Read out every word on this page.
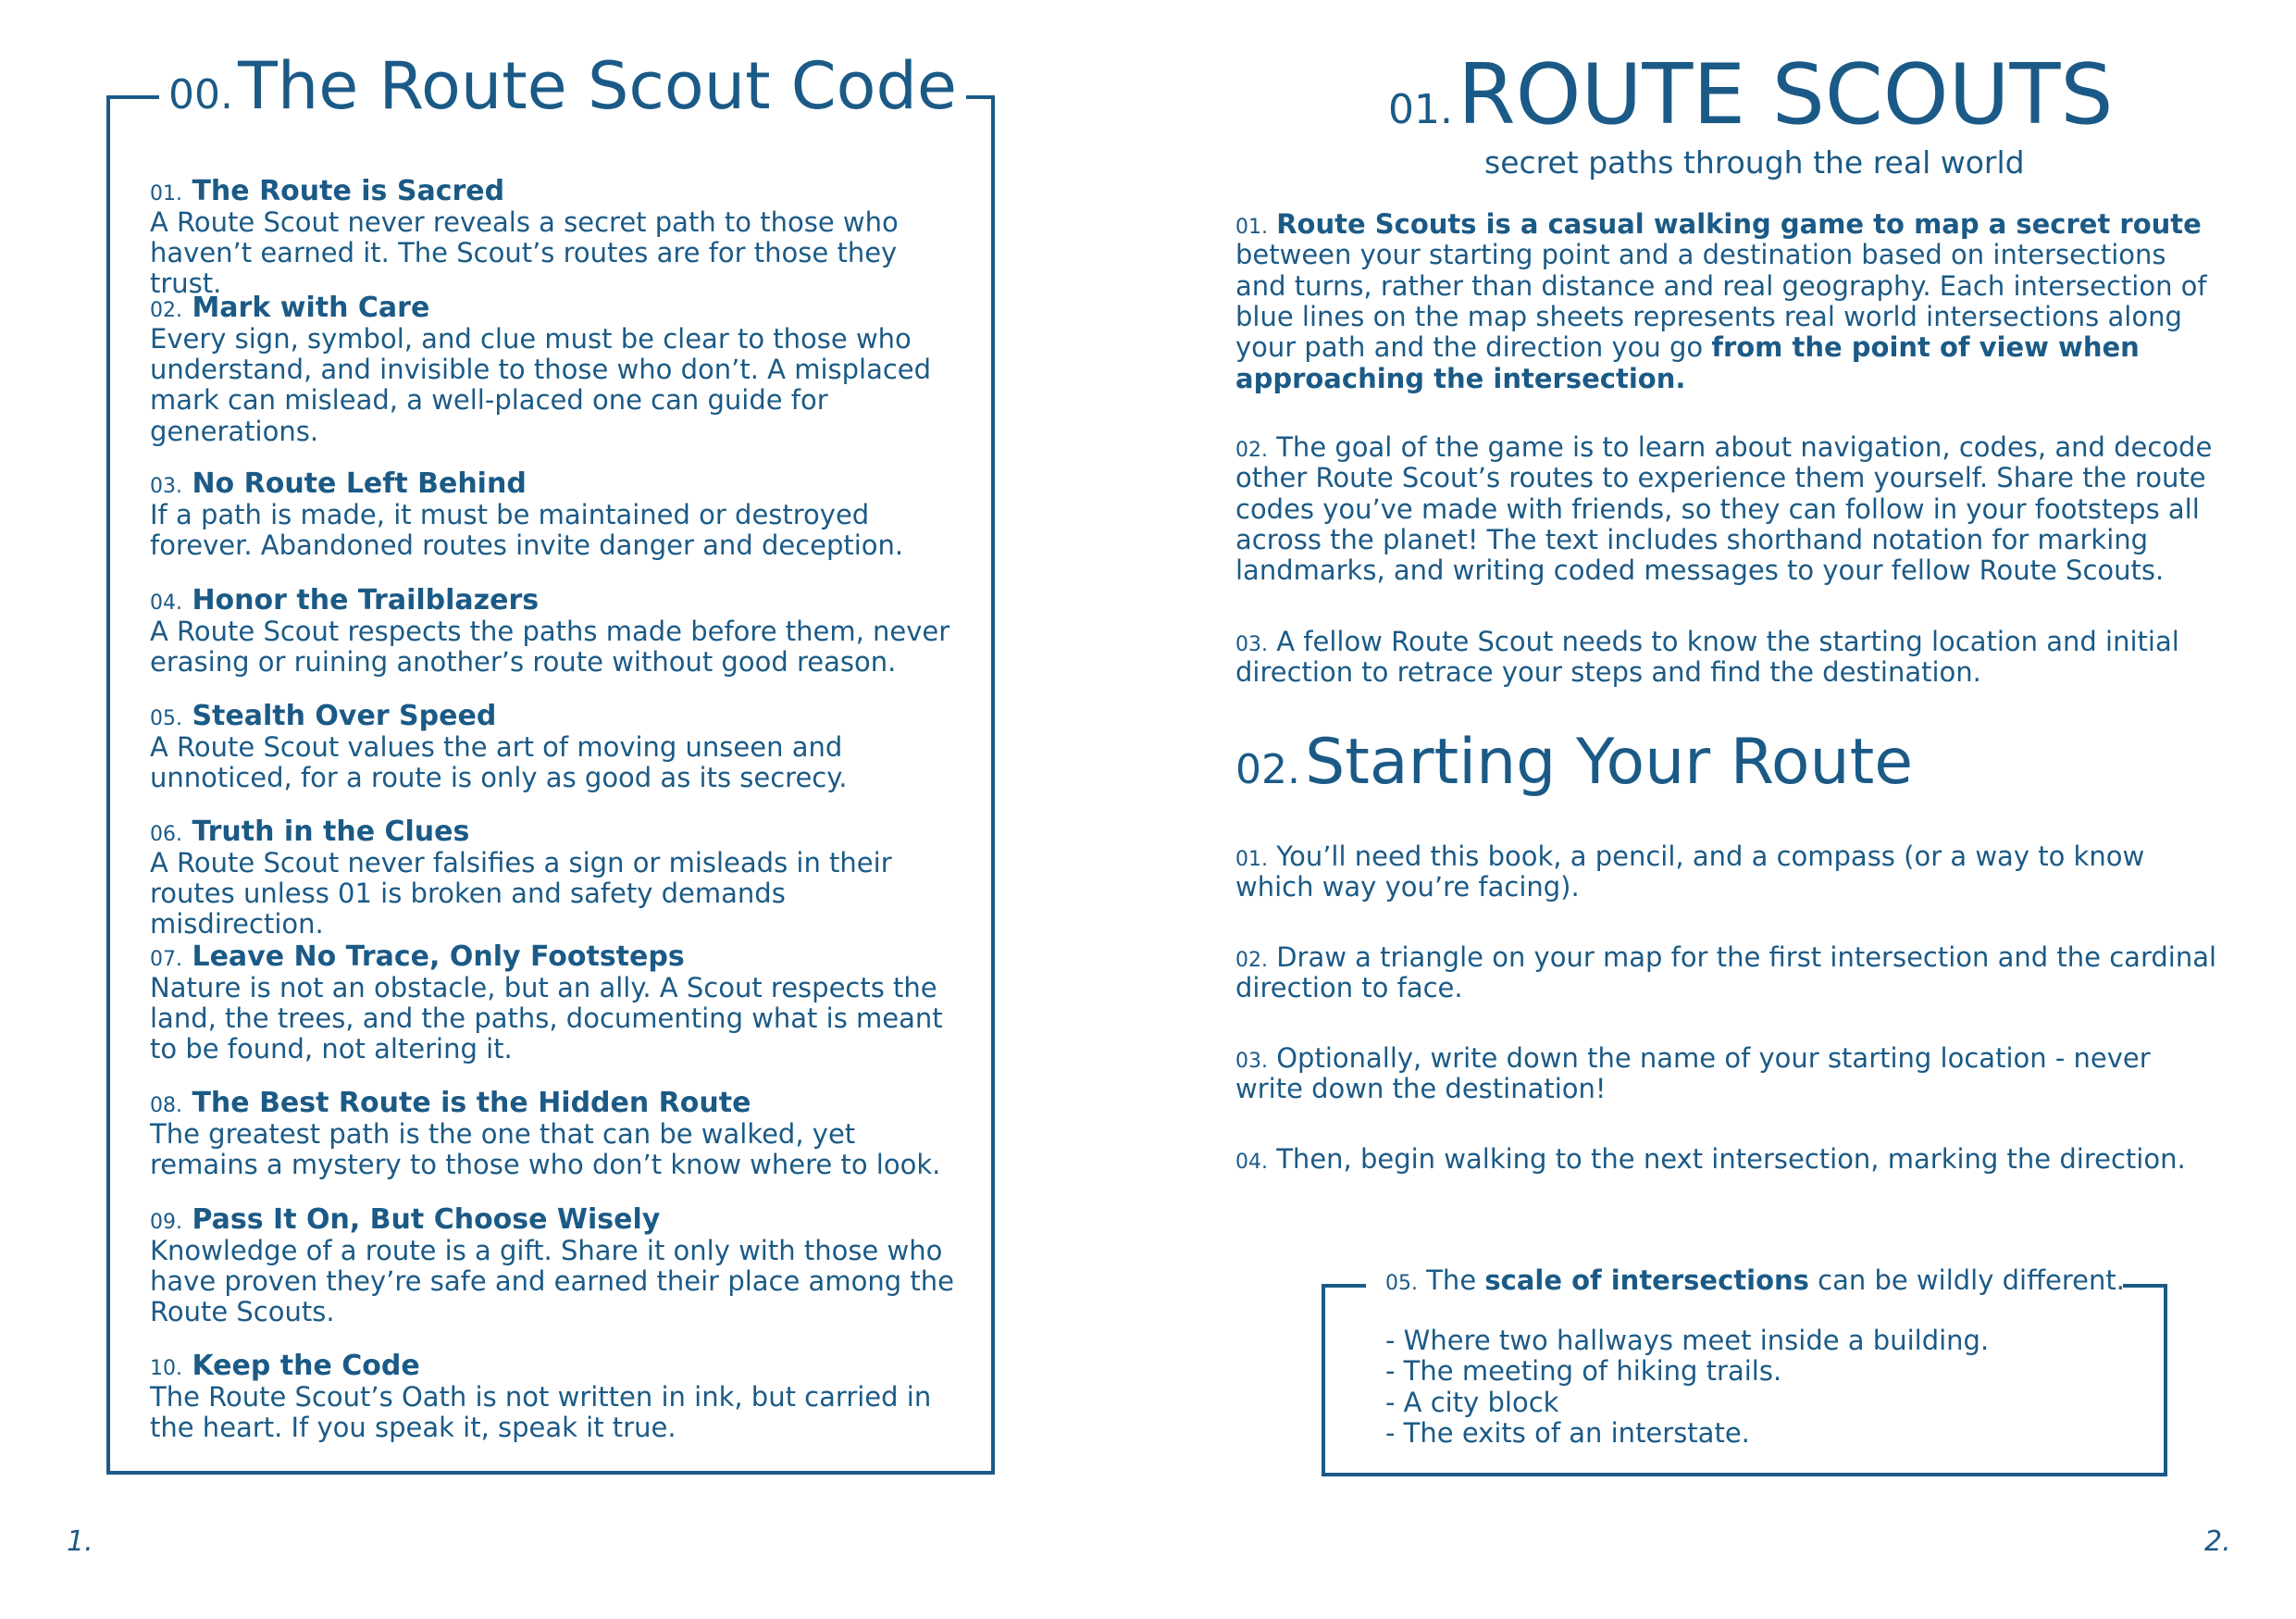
00. The Route Scout Code
01. The Route is Sacred
A Route Scout never reveals a secret path to those who haven’t earned it. The Scout’s routes are for those they trust.
02. Mark with Care
Every sign, symbol, and clue must be clear to those who understand, and invisible to those who don’t. A misplaced mark can mislead, a well-placed one can guide for generations.
03. No Route Left Behind
If a path is made, it must be maintained or destroyed forever. Abandoned routes invite danger and deception.
04. Honor the Trailblazers
A Route Scout respects the paths made before them, never erasing or ruining another’s route without good reason.
05. Stealth Over Speed
A Route Scout values the art of moving unseen and unnoticed, for a route is only as good as its secrecy.
06. Truth in the Clues
A Route Scout never falsifies a sign or misleads in their routes unless 01 is broken and safety demands misdirection.
07. Leave No Trace, Only Footsteps
Nature is not an obstacle, but an ally. A Scout respects the land, the trees, and the paths, documenting what is meant to be found, not altering it.
08. The Best Route is the Hidden Route
The greatest path is the one that can be walked, yet remains a mystery to those who don’t know where to look.
09. Pass It On, But Choose Wisely
Knowledge of a route is a gift. Share it only with those who have proven they’re safe and earned their place among the Route Scouts.
10. Keep the Code
The Route Scout’s Oath is not written in ink, but carried in the heart. If you speak it, speak it true.
1.
01. ROUTE SCOUTS
secret paths through the real world
01. Route Scouts is a casual walking game to map a secret route between your starting point and a destination based on intersections and turns, rather than distance and real geography. Each intersection of blue lines on the map sheets represents real world intersections along your path and the direction you go from the point of view when approaching the intersection.
02. The goal of the game is to learn about navigation, codes, and decode other Route Scout’s routes to experience them yourself. Share the route codes you’ve made with friends, so they can follow in your footsteps all across the planet! The text includes shorthand notation for marking landmarks, and writing coded messages to your fellow Route Scouts.
03. A fellow Route Scout needs to know the starting location and initial direction to retrace your steps and find the destination.
02. Starting Your Route
01. You’ll need this book, a pencil, and a compass (or a way to know which way you’re facing).
02. Draw a triangle on your map for the first intersection and the cardinal direction to face.
03. Optionally, write down the name of your starting location - never write down the destination!
04. Then, begin walking to the next intersection, marking the direction.
05. The scale of intersections can be wildly different.
- Where two hallways meet inside a building.
- The meeting of hiking trails.
- A city block
- The exits of an interstate.
2.
